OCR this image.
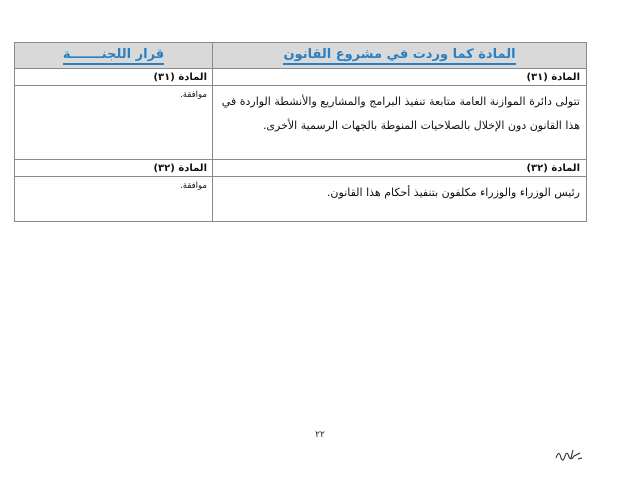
المادة كما وردت في مشروع القانون
قرار اللجنـــــــة
المادة (٣١)
المادة (٣١)
تتولى دائرة الموازنة العامة متابعة تنفيذ البرامج والمشاريع والأنشطة الواردة في هذا القانون دون الإخلال بالصلاحيات المنوطة بالجهات الرسمية الأخرى.
موافقة.
المادة (٣٢)
المادة (٣٢)
رئيس الوزراء والوزراء مكلفون بتنفيذ أحكام هذا القانون.
موافقة.
٢٢
